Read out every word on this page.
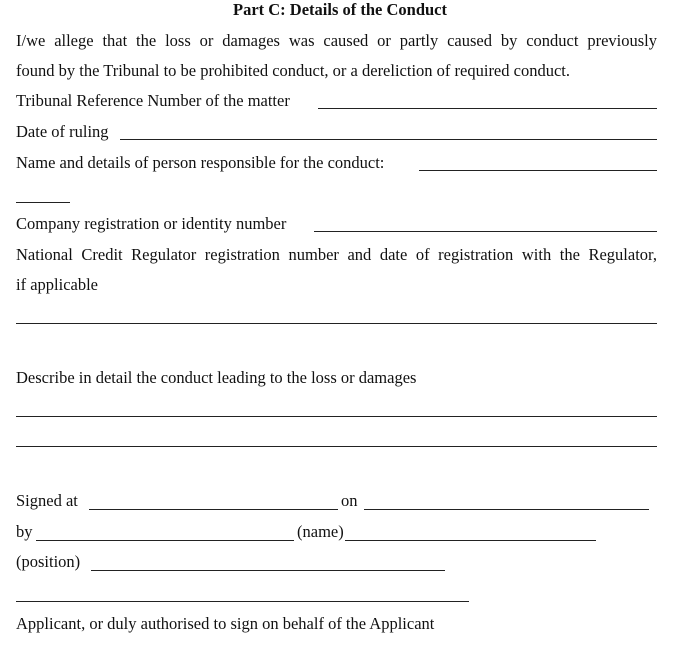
Part C: Details of the Conduct
I/we allege that the loss or damages was caused or partly caused by conduct previously
found by the Tribunal to be prohibited conduct, or a dereliction of required conduct.
Tribunal Reference Number of the matter
Date of ruling
Name and details of person responsible for the conduct:
Company registration or identity number
National Credit Regulator registration number and date of registration with the Regulator,
if applicable
Describe in detail the conduct leading to the loss or damages
Signed at	on
by	(name)
(position)
Applicant, or duly authorised to sign on behalf of the Applicant
